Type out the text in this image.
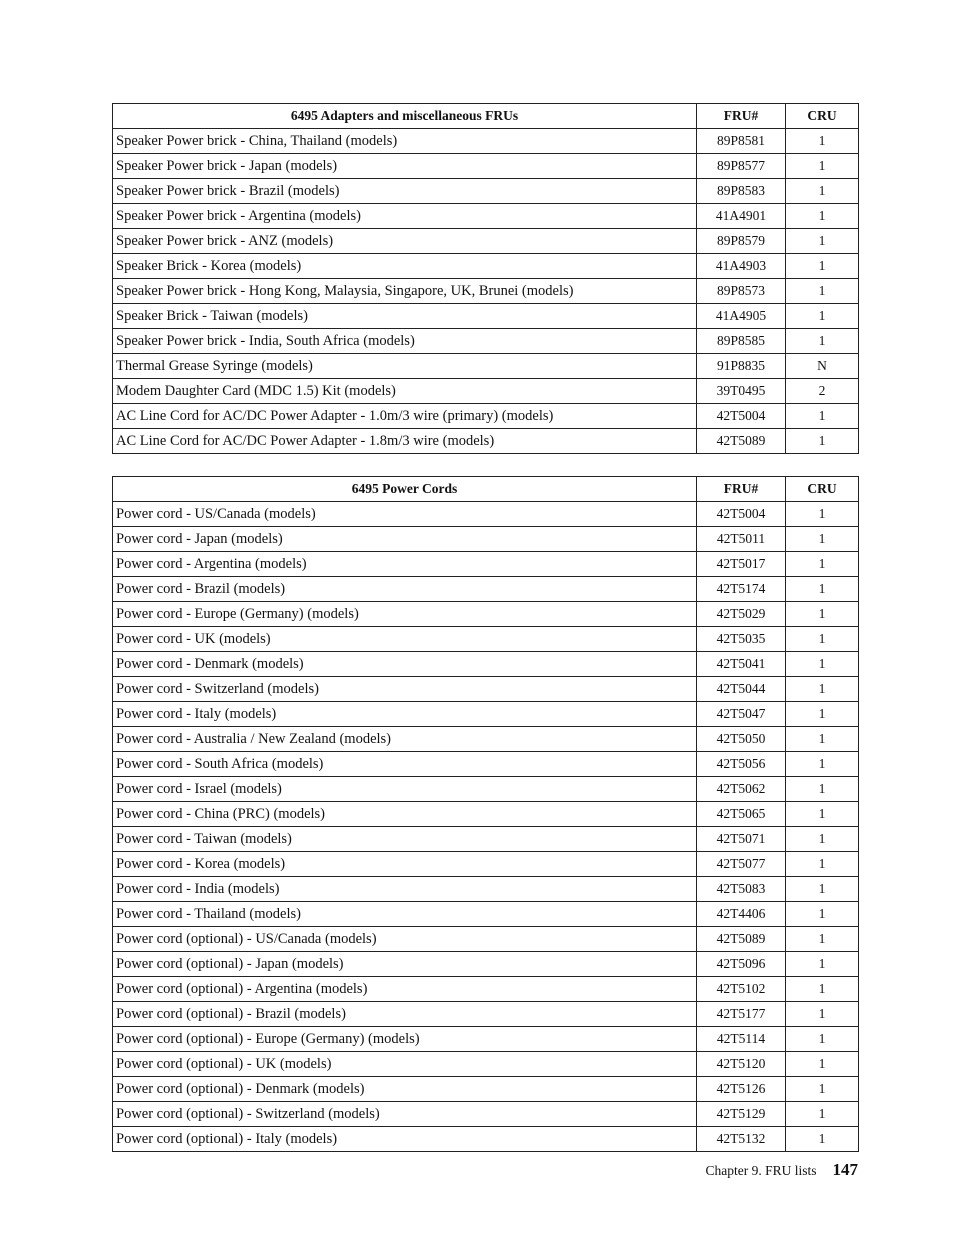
6495 Adapters and miscellaneous FRUs	FRU#	CRU
Speaker Power brick - China, Thailand (models)	89P8581	1
Speaker Power brick - Japan (models)	89P8577	1
Speaker Power brick - Brazil (models)	89P8583	1
Speaker Power brick - Argentina (models)	41A4901	1
Speaker Power brick - ANZ (models)	89P8579	1
Speaker Brick - Korea (models)	41A4903	1
Speaker Power brick - Hong Kong, Malaysia, Singapore, UK, Brunei (models)	89P8573	1
Speaker Brick - Taiwan (models)	41A4905	1
Speaker Power brick - India, South Africa (models)	89P8585	1
Thermal Grease Syringe (models)	91P8835	N
Modem Daughter Card (MDC 1.5) Kit (models)	39T0495	2
AC Line Cord for AC/DC Power Adapter - 1.0m/3 wire (primary) (models)	42T5004	1
AC Line Cord for AC/DC Power Adapter - 1.8m/3 wire (models)	42T5089	1
6495 Power Cords	FRU#	CRU
Power cord - US/Canada (models)	42T5004	1
Power cord - Japan (models)	42T5011	1
Power cord - Argentina (models)	42T5017	1
Power cord - Brazil (models)	42T5174	1
Power cord - Europe (Germany) (models)	42T5029	1
Power cord - UK (models)	42T5035	1
Power cord - Denmark (models)	42T5041	1
Power cord - Switzerland (models)	42T5044	1
Power cord - Italy (models)	42T5047	1
Power cord - Australia / New Zealand (models)	42T5050	1
Power cord - South Africa (models)	42T5056	1
Power cord - Israel (models)	42T5062	1
Power cord - China (PRC) (models)	42T5065	1
Power cord - Taiwan (models)	42T5071	1
Power cord - Korea (models)	42T5077	1
Power cord - India (models)	42T5083	1
Power cord - Thailand (models)	42T4406	1
Power cord (optional) - US/Canada (models)	42T5089	1
Power cord (optional) - Japan (models)	42T5096	1
Power cord (optional) - Argentina (models)	42T5102	1
Power cord (optional) - Brazil (models)	42T5177	1
Power cord (optional) - Europe (Germany) (models)	42T5114	1
Power cord (optional) - UK (models)	42T5120	1
Power cord (optional) - Denmark (models)	42T5126	1
Power cord (optional) - Switzerland (models)	42T5129	1
Power cord (optional) - Italy (models)	42T5132	1
Chapter 9. FRU lists 147
